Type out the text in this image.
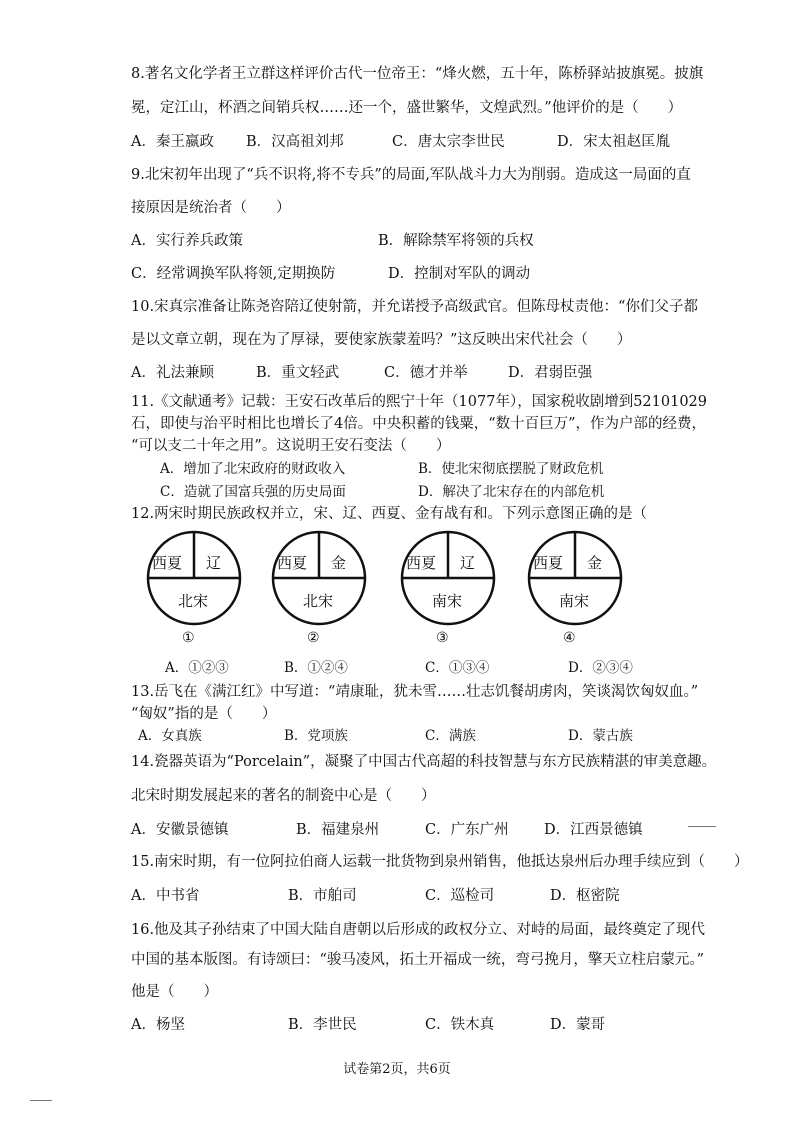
8.著名文化学者王立群这样评价古代一位帝王：“烽火燃，五十年，陈桥驿站披旗冕。披旗
冕，定江山，杯酒之间销兵权……还一个，盛世繁华，文煌武烈。”他评价的是（　　）
A．秦王嬴政 B．汉高祖刘邦	C．唐太宗李世民	D．宋太祖赵匡胤
9.北宋初年出现了“兵不识将,将不专兵”的局面,军队战斗力大为削弱。造成这一局面的直
接原因是统治者（　　）
A．实行养兵政策	B．解除禁军将领的兵权
C．经常调换军队将领,定期换防	D．控制对军队的调动
10.宋真宗准备让陈尧咨陪辽使射箭，并允诺授予高级武官。但陈母杖责他：“你们父子都
是以文章立朝，现在为了厚禄，要使家族蒙羞吗？”这反映出宋代社会（　　）
A．礼法兼顾	B．重文轻武	C．德才并举	D．君弱臣强
11.《文献通考》记载：王安石改革后的熙宁十年（1077年），国家税收剧增到52101029
石，即使与治平时相比也增长了4倍。中央积蓄的钱粟，“数十百巨万”，作为户部的经费，
“可以支二十年之用”。这说明王安石变法（　　）
A．增加了北宋政府的财政收入	B．使北宋彻底摆脱了财政危机
C．造就了国富兵强的历史局面	D．解决了北宋存在的内部危机
12.两宋时期民族政权并立，宋、辽、西夏、金有战有和。下列示意图正确的是（
西夏 辽
北宋
①
西夏 金
北宋
②
西夏 辽
南宋
③
西夏 金
南宋
④
A．①②③	B．①②④	C．①③④	D．②③④
13.岳飞在《满江红》中写道：“靖康耻，犹未雪……壮志饥餐胡虏肉，笑谈渴饮匈奴血。”
“匈奴”指的是（　　）
A．女真族	B．党项族	C．满族	D．蒙古族
14.瓷器英语为“Porcelain”，凝聚了中国古代高超的科技智慧与东方民族精湛的审美意趣。
北宋时期发展起来的著名的制瓷中心是（　　）
A．安徽景德镇	B．福建泉州	C．广东广州 D．江西景德镇
15.南宋时期，有一位阿拉伯商人运载一批货物到泉州销售，他抵达泉州后办理手续应到（　　）
A．中书省	B．市舶司	C．巡检司	D．枢密院
16.他及其子孙结束了中国大陆自唐朝以后形成的政权分立、对峙的局面，最终奠定了现代
中国的基本版图。有诗颂曰：“骏马凌风，拓土开福成一统，弯弓挽月，擎天立柱启蒙元。”
他是（　　）
A．杨坚	B．李世民	C．铁木真	D．蒙哥
试卷第2页，共6页
